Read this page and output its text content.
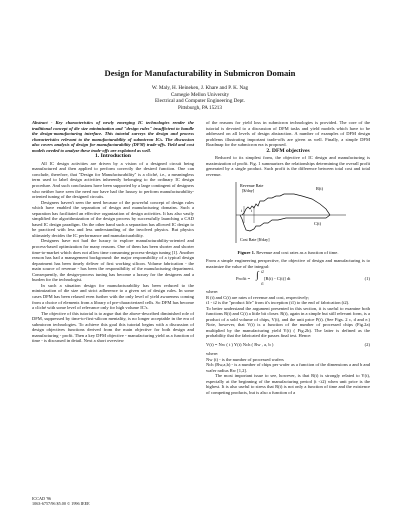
Design for Manufacturability in Submicron Domain
W. Maly, H. Heineken, J. Khare and P. K. Nag
Carnegie Mellon University
Electrical and Computer Engineering Dept.
Pittsburgh, PA 15213

Abstract - Key characteristics of newly emerging IC technologies render the traditional concept of die size minimization and "design rules" insufficient to handle the design-manufacturing interface. This tutorial surveys the design and process characteristics relevant to the manufacturability of submicron ICs. The discussion also covers analysis of design for manufacturability (DFM) trade-offs. Yield and cost models needed to analyze these trade-offs are explained as well.

1. Introduction

All IC design activities are driven by a vision of a designed circuit being manufactured and then applied to perform correctly the desired function. One can conclude, therefore, that "Design for Manufacturability" is a cliché, i.e., a meaningless term used to label design activities inherently belonging to the ordinary IC design procedure. And such conclusions have been supported by a large contingent of designers who neither have seen the need nor have had the luxury to perform manufacturability-oriented tuning of the designed circuits.

Designers haven't seen the need because of the powerful concept of design rules which have enabled the separation of design and manufacturing domains. Such a separation has facilitated an effective organization of design activities. It has also vastly simplified the algorithmization of the design process by successfully launching a CAD based IC design paradigm. On the other hand such a separation has allowed IC design to be practiced with less and less understanding of the involved physics. But physics ultimately decides the IC performance and manufacturability.

Designers have not had the luxury to explore manufacturability-oriented and process-based optimization for many reasons. One of them has been shorter and shorter time-to-market which does not allow time consuming process-design tuning [1]. Another reason has had a management background: the major responsibility of a typical design department has been timely deliver of first working silicon. Volume fabrication - the main source of revenue - has been the responsibility of the manufacturing department. Consequently, the design-process tuning has become a luxury for the designers and a burden for the technologist.

In such a situation design for manufacturability has been reduced to the minimization of die size and strict adherence to a given set of design rules. In some cases DFM has been relaxed even further with the only level of yield awareness coming from a choice of elements from a library of pre-characterized cells. So DFM has become a cliché with some level of relevance only for high volume IC's.

The objective of this tutorial is to argue that the above-described diminished role of DFM, suppressed by time-to-first-silicon mentality, is no longer acceptable in the era of submicron technologies. To achieve this goal this tutorial begins with a discussion of design objectives functions derived from the main objective for both design and manufacturing - profit. Then a key DFM objective - manufacturing yield as a function of time - is discussed in detail. Next a short overview

of the reasons for yield loss in submicron technologies is provided. The core of the tutorial is devoted to a discussion of DFM tasks and yield models which have to be addressed on all levels of design abstraction. A number of examples of DFM design problems illustrating important trade-offs are given as well. Finally, a simple DFM Roadmap for the submicron era is proposed.

2. DFM objectives

Reduced to its simplest form, the objective of IC design and manufacturing is maximization of profit. Fig. 1 summarizes the relationships determining the overall profit generated by a single product. Such profit is the difference between total cost and total revenue.

Revenue Rate
[$/day]	R(t)
Cost Rate [$/day]
C(t)
t t
Figure 1. Revenue and cost rates as a function of time.

From a simple engineering perspective, the objective of design and manufacturing is to maximize the value of the integral:

Profit = ∫ t2
t1
[R(t) - C(t)] dt	(1)

where:

R (t) and C(t) are rates of revenue and cost, respectively;

t1 - t2 is the "product life" from it's inception (t1) to the end of fabrication (t2).

To better understand the argument presented in this section, it is useful to examine both functions R(t) and C(t) a little bit closer. R(t), again in a simple but still relevant form, is a product of a sold volume of chips, V(t), and the unit price P(t). (See Figs. 2 c, d and e.) Note, however, that V(t) is a function of the number of processed chips (Fig.2a) multiplied by the manufacturing yield Y(t) ( Fig.2b). The latter is defined as the probability that the fabricated die passes final test. Hence:

V(t) = Nw ( t ) Y(t) Nch ( Rw , a, b )	(2)

where:

Nw (t) - is the number of processed wafers

Nch (Rw,a,b) - is a number of chips per wafer as a function of the dimensions a and b and wafer radius Rw [1,2].

The most important issue to see, however, is that R(t) is strongly related to Y(t), especially at the beginning of the manufacturing period (t <t2) when unit price is the highest. It is also useful to stress that R(t) is not only a function of time and the existence of competing products, but is also a function of a

ICCAD '96
1063-6757/96 $5.00 © 1996 IEEE
